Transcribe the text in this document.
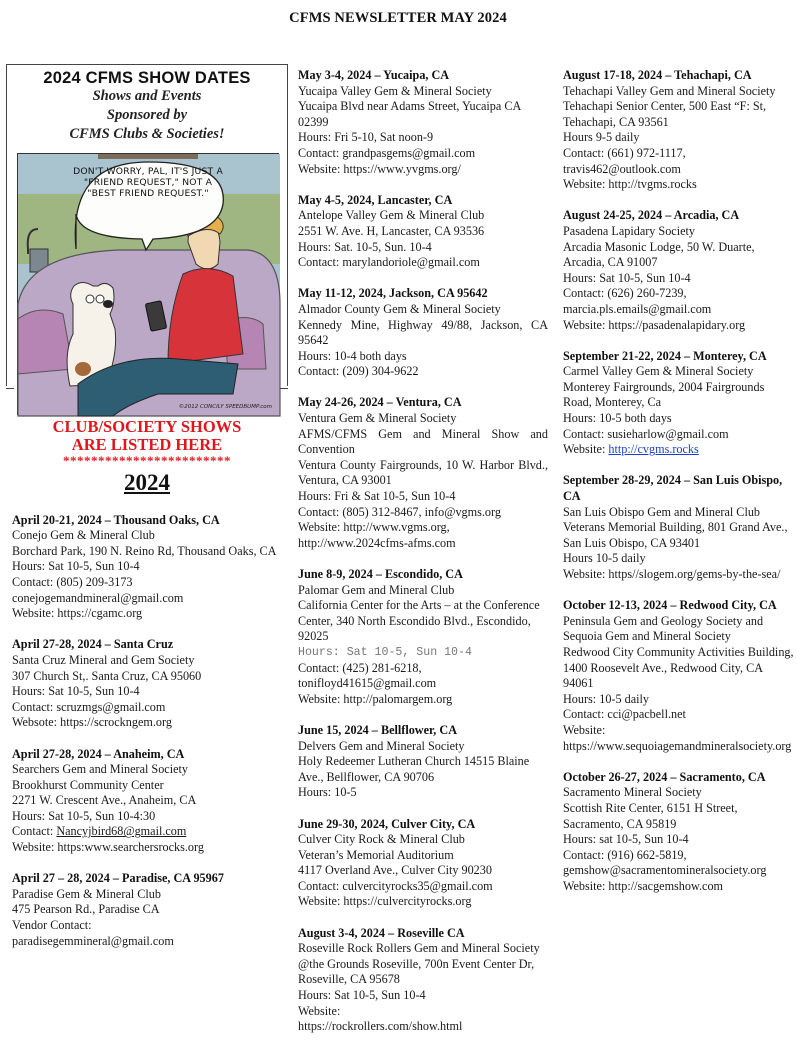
CFMS NEWSLETTER MAY 2024
2024 CFMS SHOW DATES
Shows and Events
Sponsored by
CFMS Clubs & Societies!
DON'T WORRY, PAL, IT'S JUST A "FRIEND REQUEST," NOT A "BEST FRIEND REQUEST."
©2012 CONCILY SPEEDBUMP.com
CLUB/SOCIETY SHOWS
ARE LISTED HERE
************************
2024
April 20-21, 2024 – Thousand Oaks, CA
Conejo Gem & Mineral Club
Borchard Park, 190 N. Reino Rd, Thousand Oaks, CA
Hours: Sat 10-5, Sun 10-4
Contact: (805) 209-3173
conejogemandmineral@gmail.com
Website: https://cgamc.org
April 27-28, 2024 – Santa Cruz
Santa Cruz Mineral and Gem Society
307 Church St,. Santa Cruz, CA 95060
Hours: Sat 10-5, Sun 10-4
Contact: scruzmgs@gmail.com
Websote: https://scrockngem.org
April 27-28, 2024 – Anaheim, CA
Searchers Gem and Mineral Society
Brookhurst Community Center
2271 W. Crescent Ave., Anaheim, CA
Hours: Sat 10-5, Sun 10-4:30
Contact: Nancyjbird68@gmail.com
Website: https:www.searchersrocks.org
April 27 – 28, 2024 – Paradise, CA 95967
Paradise Gem & Mineral Club
475 Pearson Rd., Paradise CA
Vendor Contact:
paradisegemmineral@gmail.com
May 3-4, 2024 – Yucaipa, CA
Yucaipa Valley Gem & Mineral Society
Yucaipa Blvd near Adams Street, Yucaipa CA 02399
Hours: Fri 5-10, Sat noon-9
Contact: grandpasgems@gmail.com
Website: https://www.yvgms.org/
May 4-5, 2024, Lancaster, CA
Antelope Valley Gem & Mineral Club
2551 W. Ave. H, Lancaster, CA 93536
Hours: Sat. 10-5, Sun. 10-4
Contact: marylandoriole@gmail.com
May 11-12, 2024, Jackson, CA 95642
Almador County Gem & Mineral Society
Kennedy Mine, Highway 49/88, Jackson, CA 95642
Hours: 10-4 both days
Contact: (209) 304-9622
May 24-26, 2024 – Ventura, CA
Ventura Gem & Mineral Society
AFMS/CFMS Gem and Mineral Show and Convention
Ventura County Fairgrounds, 10 W. Harbor Blvd., Ventura, CA 93001
Hours: Fri & Sat 10-5, Sun 10-4
Contact: (805) 312-8467, info@vgms.org
Website: http://www.vgms.org,
http://www.2024cfms-afms.com
June 8-9, 2024 – Escondido, CA
Palomar Gem and Mineral Club
California Center for the Arts – at the Conference Center, 340 North Escondido Blvd., Escondido, 92025
Hours: Sat 10-5, Sun 10-4
Contact: (425) 281-6218,
tonifloyd41615@gmail.com
Website: http://palomargem.org
June 15, 2024 – Bellflower, CA
Delvers Gem and Mineral Society
Holy Redeemer Lutheran Church 14515 Blaine Ave., Bellflower, CA 90706
Hours: 10-5
June 29-30, 2024, Culver City, CA
Culver City Rock & Mineral Club
Veteran’s Memorial Auditorium
4117 Overland Ave., Culver City 90230
Contact: culvercityrocks35@gmail.com
Website: https://culvercityrocks.org
August 3-4, 2024 – Roseville CA
Roseville Rock Rollers Gem and Mineral Society
@the Grounds Roseville, 700n Event Center Dr, Roseville, CA 95678
Hours: Sat 10-5, Sun 10-4
Website:
https://rockrollers.com/show.html
August 17-18, 2024 – Tehachapi, CA
Tehachapi Valley Gem and Mineral Society
Tehachapi Senior Center, 500 East “F: St, Tehachapi, CA 93561
Hours 9-5 daily
Contact: (661) 972-1117,
travis462@outlook.com
Website: http://tvgms.rocks
August 24-25, 2024 – Arcadia, CA
Pasadena Lapidary Society
Arcadia Masonic Lodge, 50 W. Duarte, Arcadia, CA 91007
Hours: Sat 10-5, Sun 10-4
Contact: (626) 260-7239,
marcia.pls.emails@gmail.com
Website: https://pasadenalapidary.org
September 21-22, 2024 – Monterey, CA
Carmel Valley Gem & Mineral Society
Monterey Fairgrounds, 2004 Fairgrounds Road, Monterey, Ca
Hours: 10-5 both days
Contact: susieharlow@gmail.com
Website: http://cvgms.rocks
September 28-29, 2024 – San Luis Obispo, CA
San Luis Obispo Gem and Mineral Club
Veterans Memorial Building, 801 Grand Ave., San Luis Obispo, CA 93401
Hours 10-5 daily
Website: https//slogem.org/gems-by-the-sea/
October 12-13, 2024 – Redwood City, CA
Peninsula Gem and Geology Society and Sequoia Gem and Mineral Society
Redwood City Community Activities Building, 1400 Roosevelt Ave., Redwood City, CA 94061
Hours: 10-5 daily
Contact: cci@pacbell.net
Website:
https://www.sequoiagemandmineralsociety.org
October 26-27, 2024 – Sacramento, CA
Sacramento Mineral Society
Scottish Rite Center, 6151 H Street, Sacramento, CA 95819
Hours: sat 10-5, Sun 10-4
Contact: (916) 662-5819,
gemshow@sacramentomineralsociety.org
Website: http://sacgemshow.com
